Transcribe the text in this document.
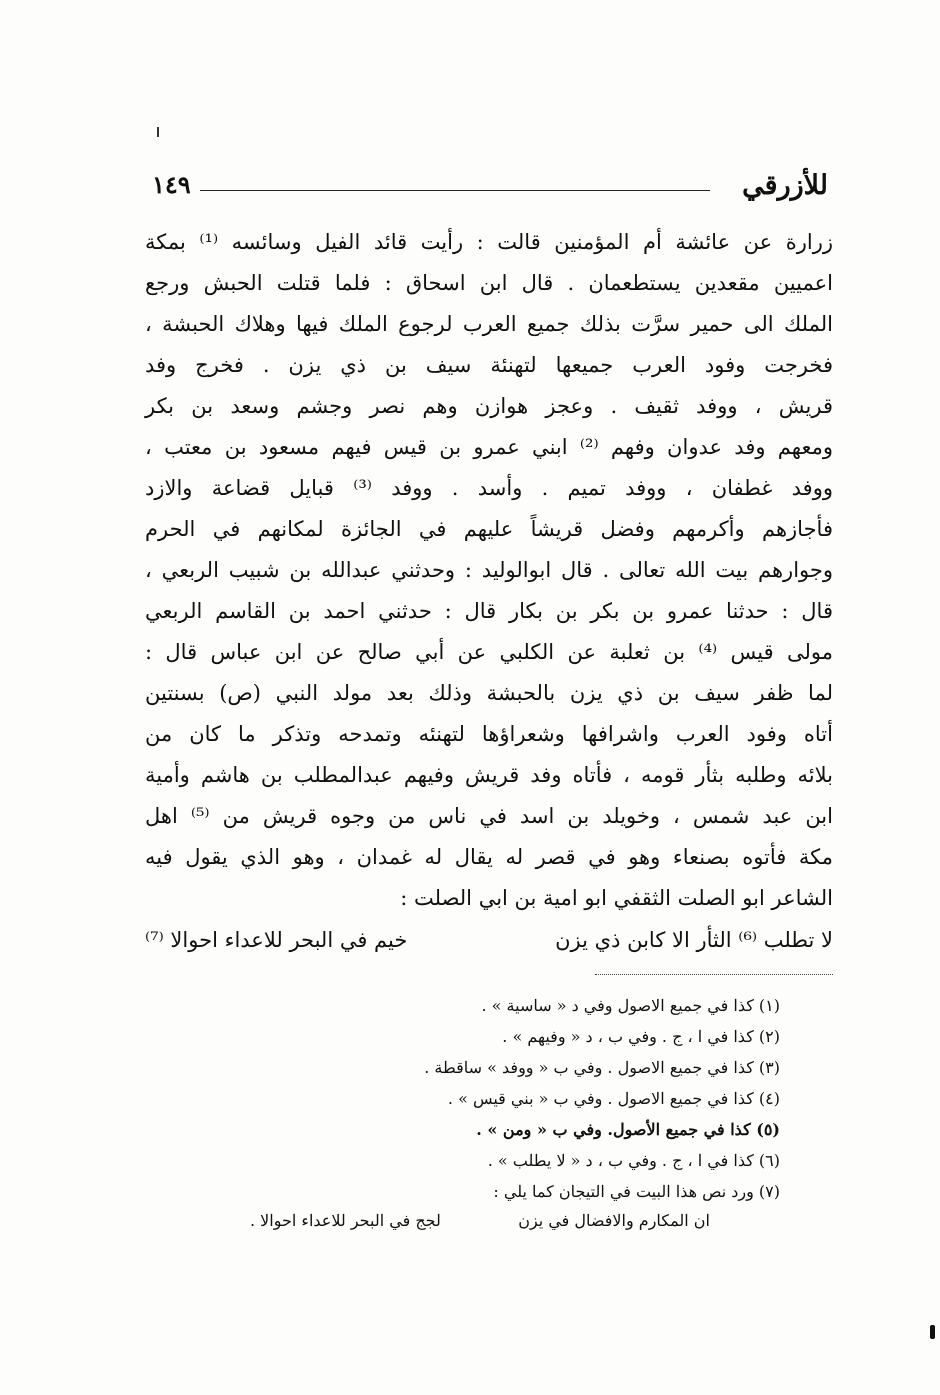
للأزرقي
١٤٩
زرارة عن عائشة أم المؤمنين قالت : رأيت قائد الفيل وسائسه ⁽¹⁾ بمكة
اعميين مقعدين يستطعمان . قال ابن اسحاق : فلما قتلت الحبش ورجع
الملك الى حمير سرَّت بذلك جميع العرب لرجوع الملك فيها وهلاك الحبشة ،
فخرجت وفود العرب جميعها لتهنئة سيف بن ذي يزن . فخرج وفد
قريش ، ووفد ثقيف . وعجز هوازن وهم نصر وجشم وسعد بن بكر
ومعهم وفد عدوان وفهم ⁽²⁾ ابني عمرو بن قيس فيهم مسعود بن معتب ،
ووفد غطفان ، ووفد تميم . وأسد . ووفد ⁽³⁾ قبايل قضاعة والازد
فأجازهم وأكرمهم وفضل قريشاً عليهم في الجائزة لمكانهم في الحرم
وجوارهم بيت الله تعالى . قال ابوالوليد : وحدثني عبدالله بن شبيب الربعي ،
قال : حدثنا عمرو بن بكر بن بكار قال : حدثني احمد بن القاسم الربعي
مولى قيس ⁽⁴⁾ بن ثعلبة عن الكلبي عن أبي صالح عن ابن عباس قال :
لما ظفر سيف بن ذي يزن بالحبشة وذلك بعد مولد النبي (ص) بسنتين
أتاه وفود العرب واشرافها وشعراؤها لتهنئه وتمدحه وتذكر ما كان من
بلائه وطلبه بثأر قومه ، فأتاه وفد قريش وفيهم عبدالمطلب بن هاشم وأمية
ابن عبد شمس ، وخويلد بن اسد في ناس من وجوه قريش من ⁽⁵⁾ اهل
مكة فأتوه بصنعاء وهو في قصر له يقال له غمدان ، وهو الذي يقول فيه
الشاعر ابو الصلت الثقفي ابو امية بن ابي الصلت :
لا تطلب ⁽⁶⁾ الثأر الا كابن ذي يزن
خيم في البحر للاعداء احوالا ⁽⁷⁾
(١) كذا في جميع الاصول وفي د « ساسية » .
(٢) كذا في ا ، ج . وفي ب ، د « وفيهم » .
(٣) كذا في جميع الاصول . وفي ب « ووفد » ساقطة .
(٤) كذا في جميع الاصول . وفي ب « بني قيس » .
(٥) كذا في جميع الأصول. وفي ب « ومن » .
(٦) كذا في ا ، ج . وفي ب ، د « لا يطلب » .
(٧) ورد نص هذا البيت في التيجان كما يلي :
ان المكارم والافضال في يزن
لجج في البحر للاعداء احوالا .
